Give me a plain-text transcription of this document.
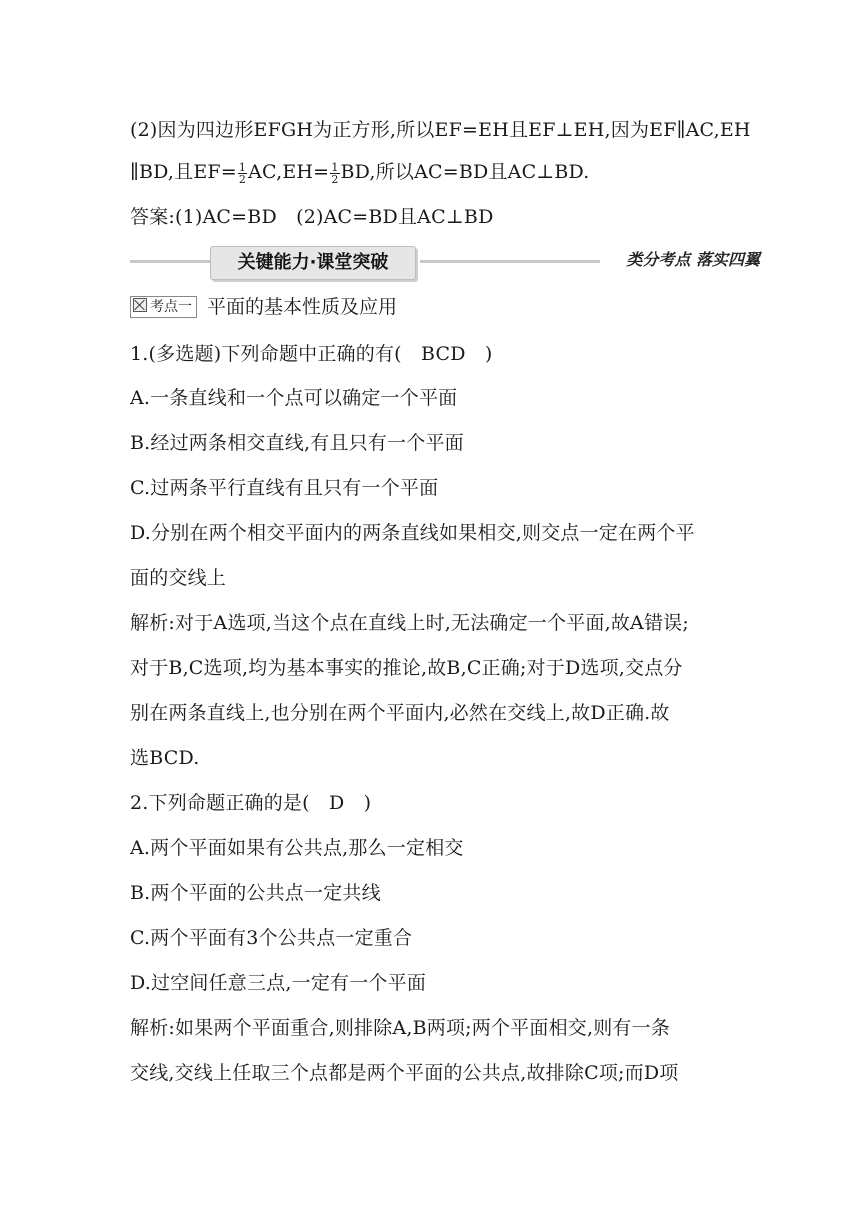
(2)因为四边形EFGH为正方形,所以EF=EH且EF⊥EH,因为EF∥AC,EH
∥BD,且$EF= \frac{1}{2} AC,EH= \frac{1}{2}$ BD,所以AC=BD且AC⊥BD.
答案:(1)AC=BD　(2)AC=BD且AC⊥BD
关键能力·课堂突破	类分考点 落实四翼
考点一 平面的基本性质及应用
1.(多选题)下列命题中正确的有(　BCD　)
A.一条直线和一个点可以确定一个平面
B.经过两条相交直线,有且只有一个平面
C.过两条平行直线有且只有一个平面
D.分别在两个相交平面内的两条直线如果相交,则交点一定在两个平
面的交线上
解析:对于A选项,当这个点在直线上时,无法确定一个平面,故A错误;
对于B,C选项,均为基本事实的推论,故B,C正确;对于D选项,交点分
别在两条直线上,也分别在两个平面内,必然在交线上,故D正确.故
选BCD.
2.下列命题正确的是(　D　)
A.两个平面如果有公共点,那么一定相交
B.两个平面的公共点一定共线
C.两个平面有3个公共点一定重合
D.过空间任意三点,一定有一个平面
解析:如果两个平面重合,则排除A,B两项;两个平面相交,则有一条
交线,交线上任取三个点都是两个平面的公共点,故排除C项;而D项
